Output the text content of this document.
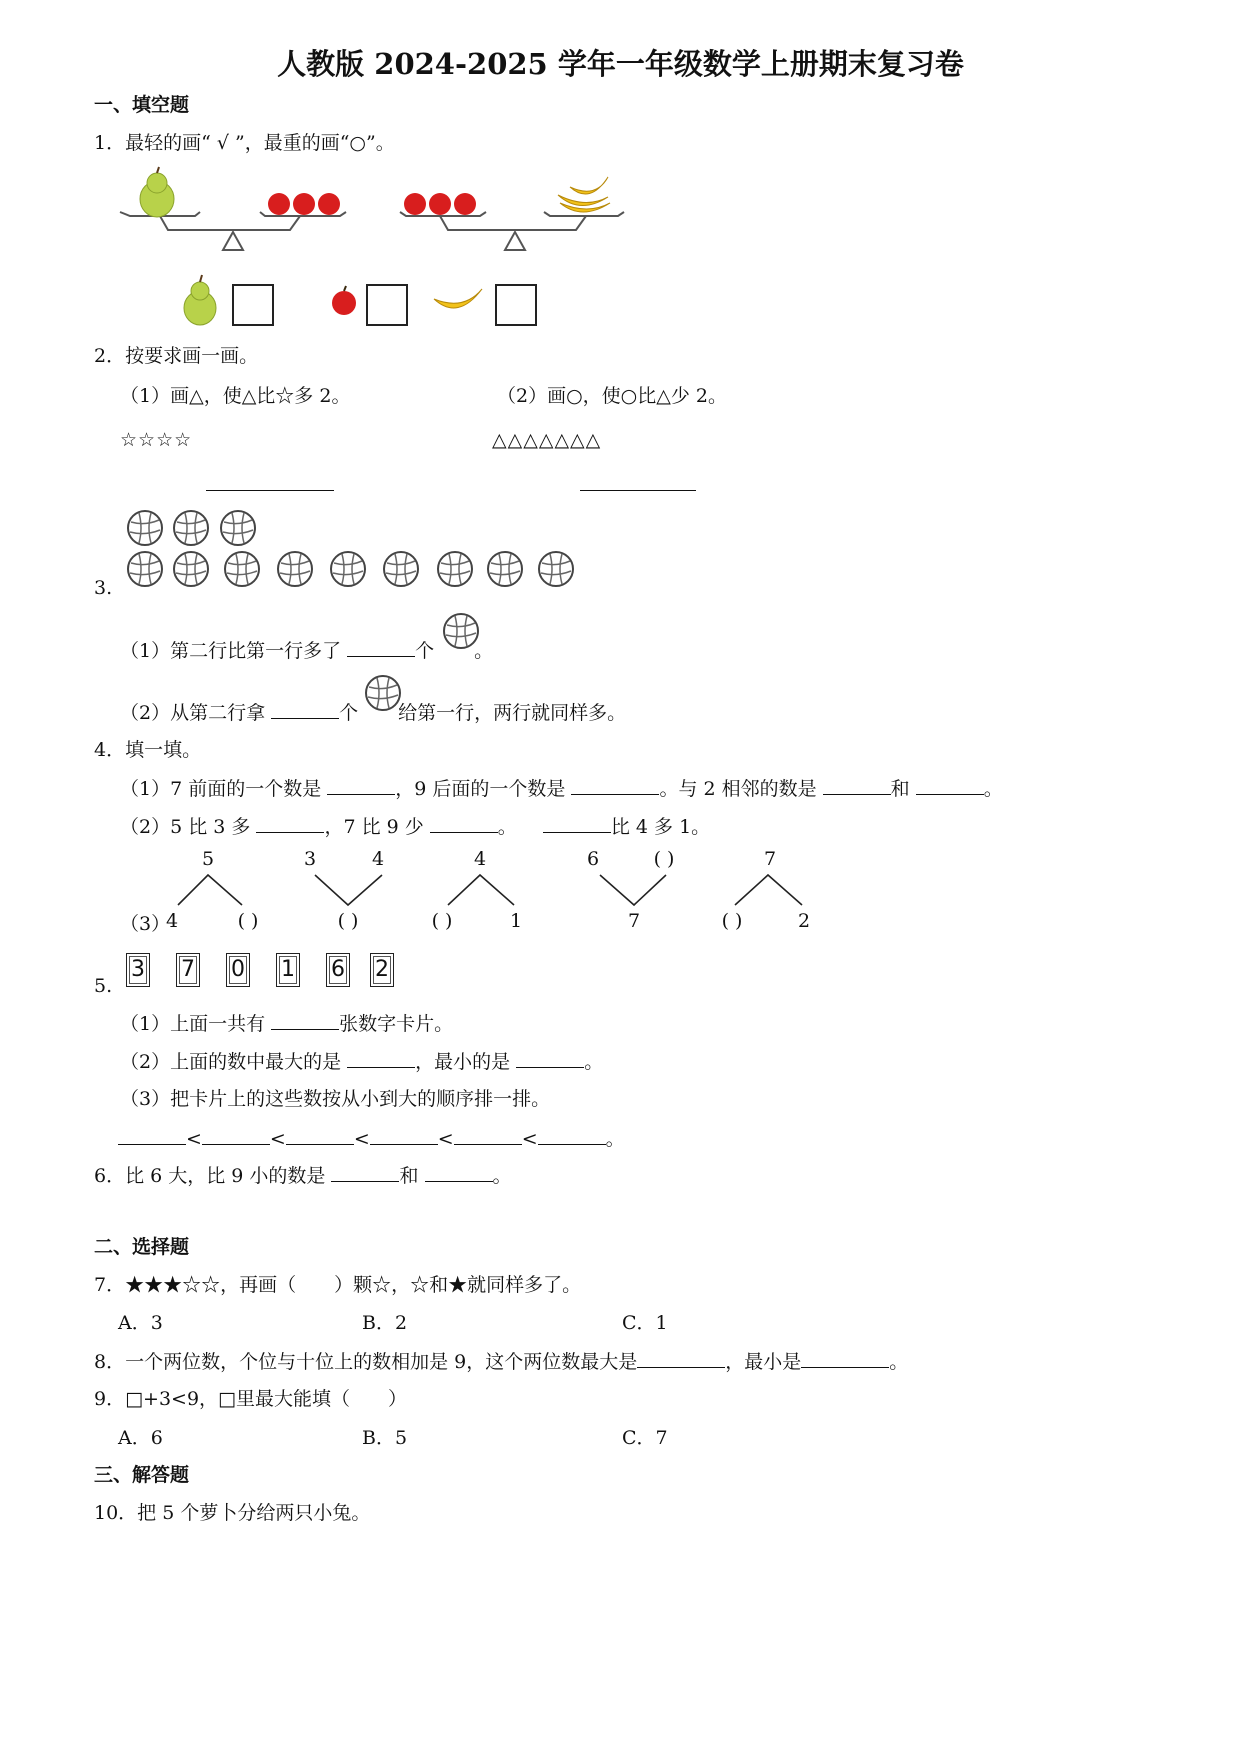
人教版 2024-2025 学年一年级数学上册期末复习卷
一、填空题
1．最轻的画“ √ ”，最重的画“○”。
2．按要求画一画。
（1）画△，使△比☆多 2。	（2）画○，使○比△少 2。
☆☆☆☆	△△△△△△△
3.
（1）第二行比第一行多了	个 。
（2）从第二行拿	个 给第一行，两行就同样多。
4．填一填。
（1）7 前面的一个数是	，9 后面的一个数是	。与 2 相邻的数是	和	。
（2）5 比 3 多	，7 比 9 少	。	比 4 多 1。
（3）
5
4	( )
3	4
( )
4
( )	1
6	( )
7
7
( )	2
5.
3 7 0 1 6 2
（1）上面一共有	张数字卡片。
（2）上面的数中最大的是	，最小的是	。
（3）把卡片上的这些数按从小到大的顺序排一排。
<	<	<	<	<	。
6．比 6 大，比 9 小的数是	和	。
二、选择题
7．★★★☆☆，再画（　　）颗☆，☆和★就同样多了。
A．3	B．2	C．1
8．一个两位数，个位与十位上的数相加是 9，这个两位数最大是	，最小是	。
9．□+3<9，□里最大能填（　　）
A．6	B．5	C．7
三、解答题
10．把 5 个萝卜分给两只小兔。
